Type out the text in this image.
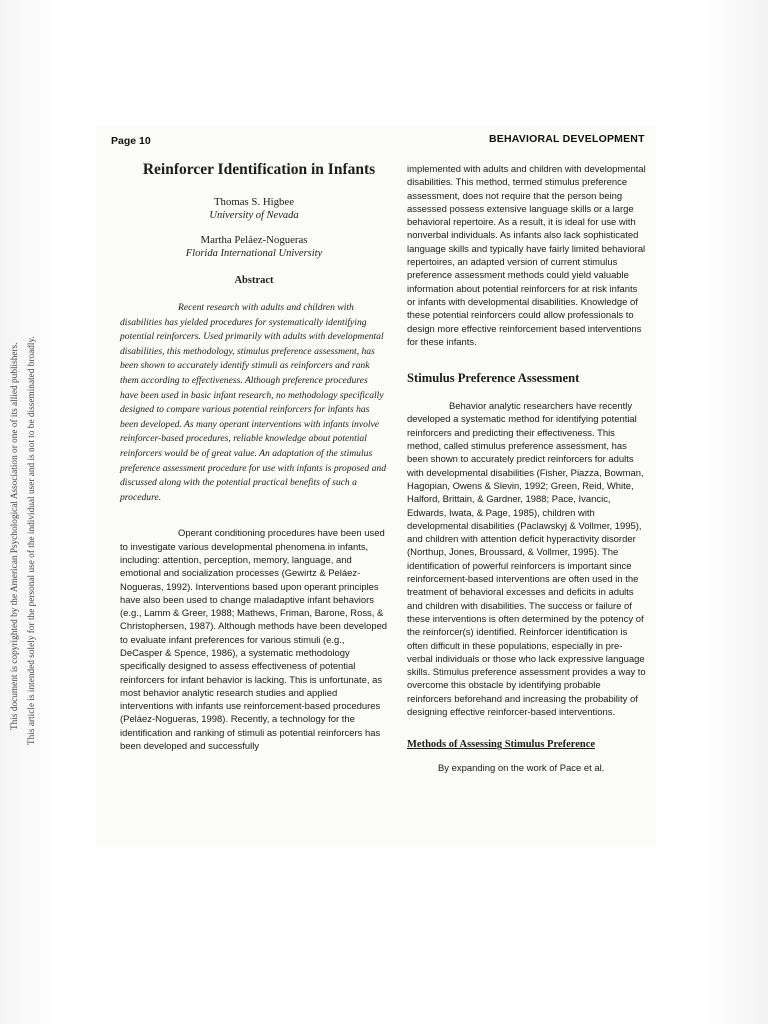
This document is copyrighted by the American Psychological Association or one of its allied publishers. This article is intended solely for the personal use of the individual user and is not to be disseminated broadly.
Page 10	BEHAVIORAL DEVELOPMENT
Reinforcer Identification in Infants
Thomas S. Higbee
University of Nevada
Martha Peláez-Nogueras
Florida International University
Abstract
Recent research with adults and children with disabilities has yielded procedures for systematically identifying potential reinforcers. Used primarily with adults with developmental disabilities, this methodology, stimulus preference assessment, has been shown to accurately identify stimuli as reinforcers and rank them according to effectiveness. Although preference procedures have been used in basic infant research, no methodology specifically designed to compare various potential reinforcers for infants has been developed. As many operant interventions with infants involve reinforcer-based procedures, reliable knowledge about potential reinforcers would be of great value. An adaptation of the stimulus preference assessment procedure for use with infants is proposed and discussed along with the potential practical benefits of such a procedure.
Operant conditioning procedures have been used to investigate various developmental phenomena in infants, including: attention, perception, memory, language, and emotional and socialization processes (Gewirtz & Peláez-Nogueras, 1992). Interventions based upon operant principles have also been used to change maladaptive infant behaviors (e.g., Lamm & Greer, 1988; Mathews, Friman, Barone, Ross, & Christophersen, 1987). Although methods have been developed to evaluate infant preferences for various stimuli (e.g., DeCasper & Spence, 1986), a systematic methodology specifically designed to assess effectiveness of potential reinforcers for infant behavior is lacking. This is unfortunate, as most behavior analytic research studies and applied interventions with infants use reinforcement-based procedures (Peláez-Nogueras, 1998). Recently, a technology for the identification and ranking of stimuli as potential reinforcers has been developed and successfully
implemented with adults and children with developmental disabilities. This method, termed stimulus preference assessment, does not require that the person being assessed possess extensive language skills or a large behavioral repertoire. As a result, it is ideal for use with nonverbal individuals. As infants also lack sophisticated language skills and typically have fairly limited behavioral repertoires, an adapted version of current stimulus preference assessment methods could yield valuable information about potential reinforcers for at risk infants or infants with developmental disabilities. Knowledge of these potential reinforcers could allow professionals to design more effective reinforcement based interventions for these infants.
Stimulus Preference Assessment
Behavior analytic researchers have recently developed a systematic method for identifying potential reinforcers and predicting their effectiveness. This method, called stimulus preference assessment, has been shown to accurately predict reinforcers for adults with developmental disabilities (Fisher, Piazza, Bowman, Hagopian, Owens & Slevin, 1992; Green, Reid, White, Halford, Brittain, & Gardner, 1988; Pace, Ivancic, Edwards, Iwata, & Page, 1985), children with developmental disabilities (Paclawskyj & Vollmer, 1995), and children with attention deficit hyperactivity disorder (Northup, Jones, Broussard, & Vollmer, 1995). The identification of powerful reinforcers is important since reinforcement-based interventions are often used in the treatment of behavioral excesses and deficits in adults and children with disabilities. The success or failure of these interventions is often determined by the potency of the reinforcer(s) identified. Reinforcer identification is often difficult in these populations, especially in pre-verbal individuals or those who lack expressive language skills. Stimulus preference assessment provides a way to overcome this obstacle by identifying probable reinforcers beforehand and increasing the probability of designing effective reinforcer-based interventions.
Methods of Assessing Stimulus Preference
By expanding on the work of Pace et al.
